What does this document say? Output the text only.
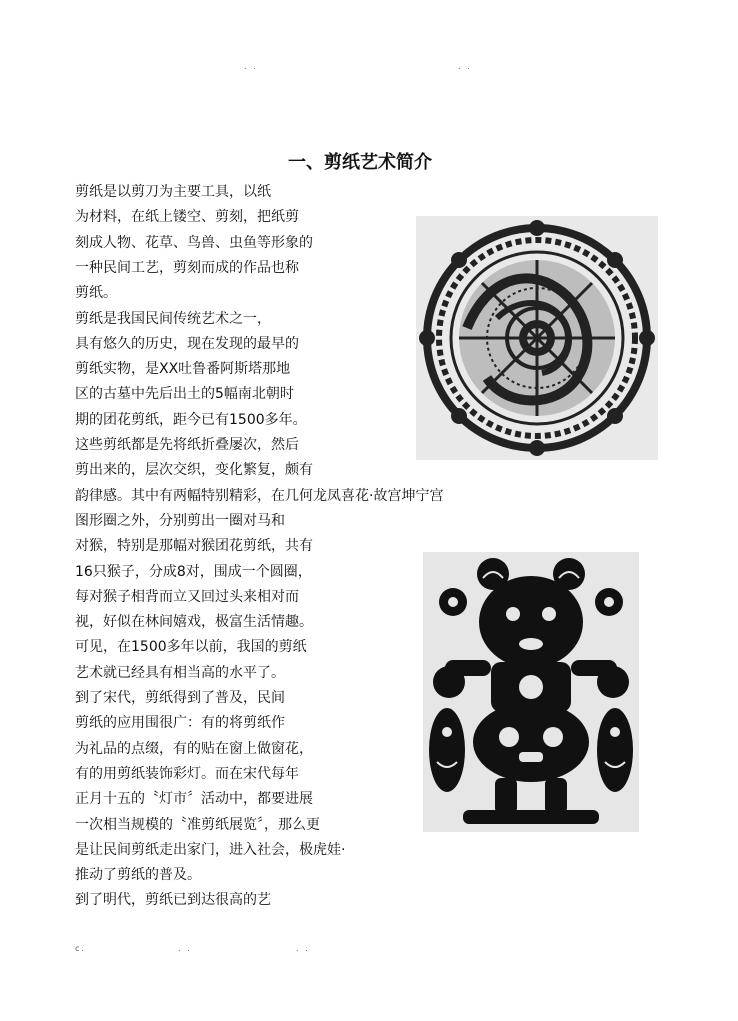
. .	. .
一、剪纸艺术简介
剪纸是以剪刀为主要工具，以纸
为材料，在纸上镂空、剪刻，把纸剪
刻成人物、花草、鸟兽、虫鱼等形象的
一种民间工艺，剪刻而成的作品也称
剪纸。
剪纸是我国民间传统艺术之一，
具有悠久的历史，现在发现的最早的
剪纸实物，是XX吐鲁番阿斯塔那地
区的古墓中先后出土的5幅南北朝时
期的团花剪纸，距今已有1500多年。
这些剪纸都是先将纸折叠屡次，然后
剪出来的，层次交织，变化繁复，颇有
韵律感。其中有两幅特别精彩，在几何龙凤喜花·故宫坤宁宫
图形圈之外，分别剪出一圈对马和
对猴，特别是那幅对猴团花剪纸，共有
16只猴子，分成8对，围成一个圆圈，
每对猴子相背而立又回过头来相对而
视，好似在林间嬉戏，极富生活情趣。
可见，在1500多年以前，我国的剪纸
艺术就已经具有相当高的水平了。
到了宋代，剪纸得到了普及，民间
剪纸的应用围很广：有的将剪纸作
为礼品的点缀，有的贴在窗上做窗花，
有的用剪纸装饰彩灯。而在宋代每年
正月十五的〝灯市〞活动中，都要进展
一次相当规模的〝准剪纸展览〞，那么更
是让民间剪纸走出家门，进入社会，极虎娃·
推动了剪纸的普及。
到了明代，剪纸已到达很高的艺
c.	. .	. .
